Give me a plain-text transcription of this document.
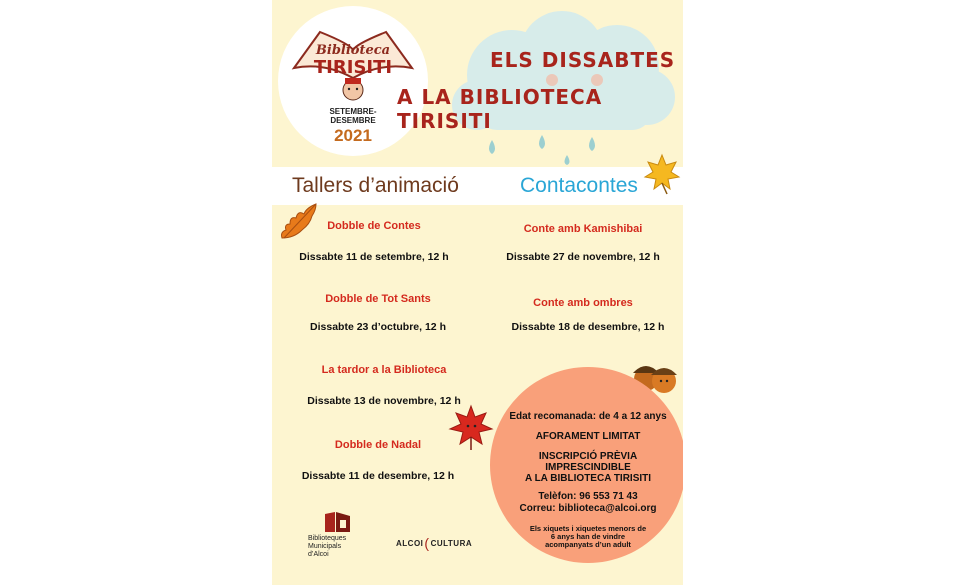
Biblioteca
TIRISITI
SETEMBRE-
DESEMBRE
2021
ELS DISSABTES
A LA BIBLIOTECA TIRISITI
Tallers d’animació	Contacontes
Dobble de Contes
Dissabte 11 de setembre, 12 h
Dobble de Tot Sants
Dissabte 23 d’octubre, 12 h
La tardor a la Biblioteca
Dissabte 13 de novembre, 12 h
Dobble de Nadal
Dissabte 11 de desembre, 12 h
Conte amb Kamishibai
Dissabte 27 de novembre, 12 h
Conte amb ombres
Dissabte 18 de desembre, 12 h
Edat recomanada: de 4 a 12 anys
AFORAMENT LIMITAT
INSCRIPCIÓ PRÈVIA
IMPRESCINDIBLE
A LA BIBLIOTECA TIRISITI
Telèfon: 96 553 71 43
Correu: biblioteca@alcoi.org
Els xiquets i xiquetes menors de
6 anys han de vindre
acompanyats d’un adult
Biblioteques
Municipals
d’Alcoi
ALCOI(CULTURA
